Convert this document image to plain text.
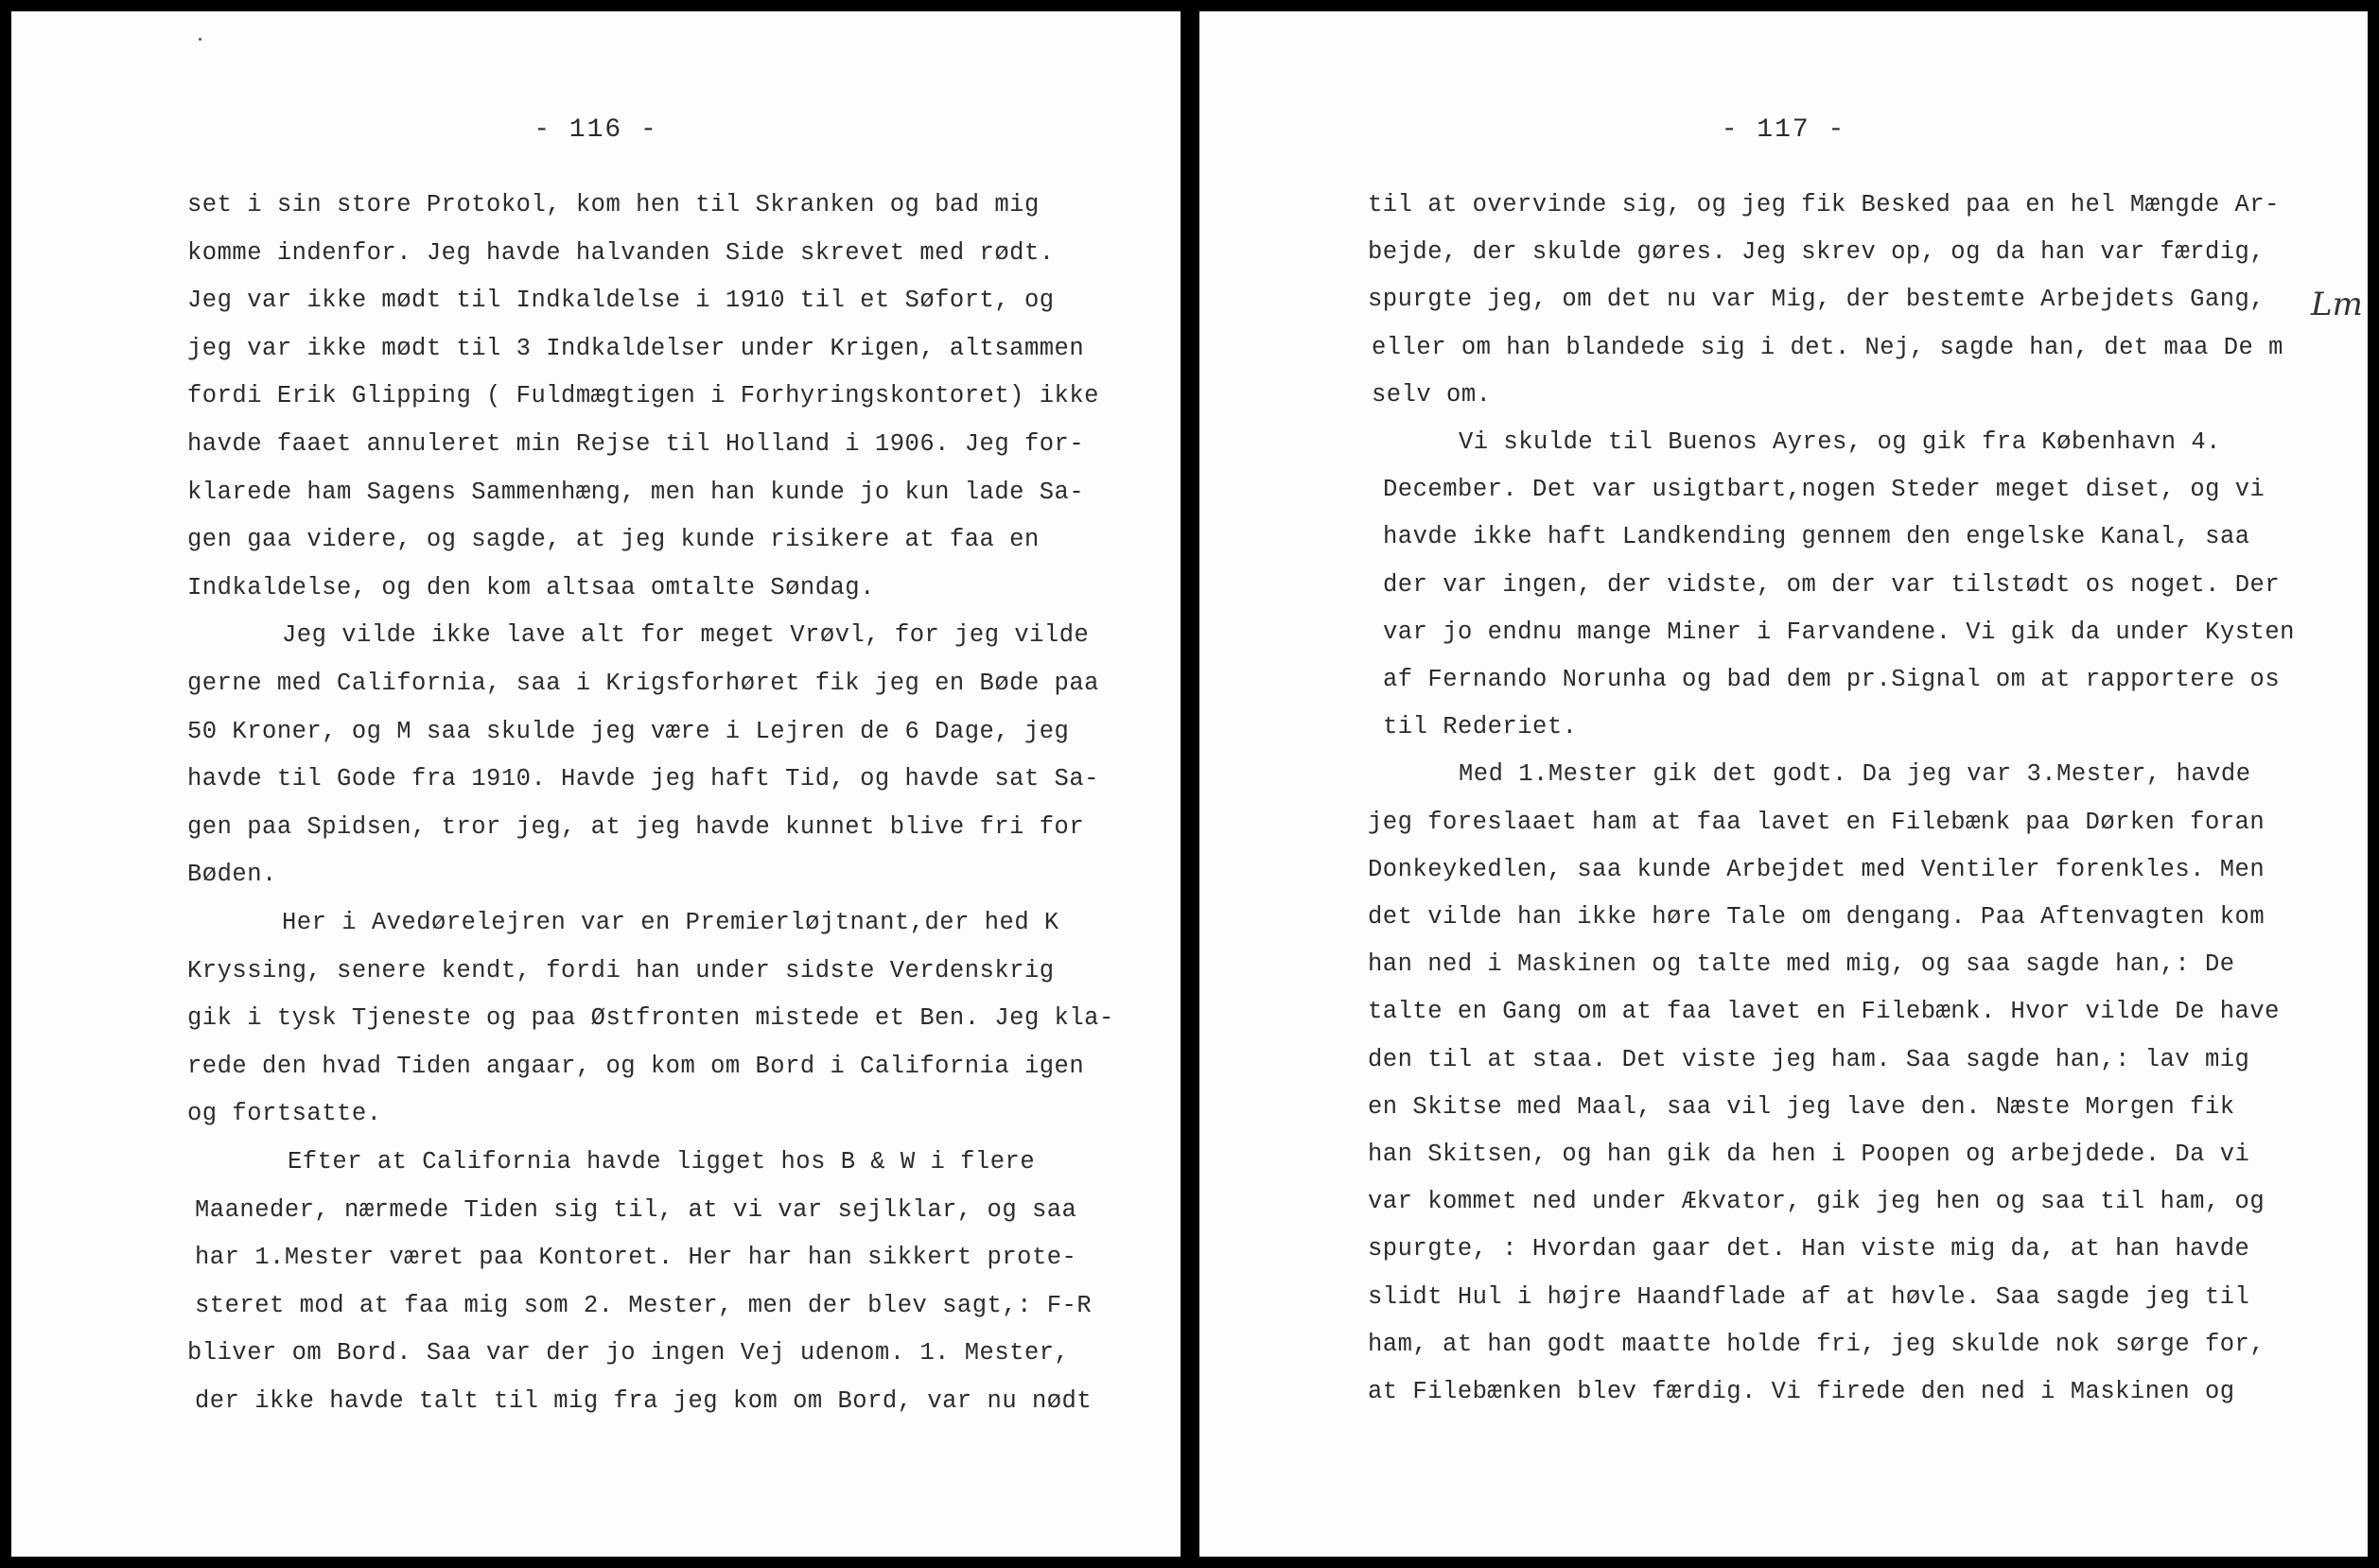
- 116 -
set i sin store Protokol, kom hen til Skranken og bad mig
komme indenfor. Jeg havde halvanden Side skrevet med rødt.
Jeg var ikke mødt til Indkaldelse i 1910 til et Søfort, og
jeg var ikke mødt til 3 Indkaldelser under Krigen, altsammen
fordi Erik Glipping ( Fuldmægtigen i Forhyringskontoret) ikke
havde faaet annuleret min Rejse til Holland i 1906. Jeg for-
klarede ham Sagens Sammenhæng, men han kunde jo kun lade Sa-
gen gaa videre, og sagde, at jeg kunde risikere at faa en
Indkaldelse, og den kom altsaa omtalte Søndag.
Jeg vilde ikke lave alt for meget Vrøvl, for jeg vilde
gerne med California, saa i Krigsforhøret fik jeg en Bøde paa
50 Kroner, og M saa skulde jeg være i Lejren de 6 Dage, jeg
havde til Gode fra 1910. Havde jeg haft Tid, og havde sat Sa-
gen paa Spidsen, tror jeg, at jeg havde kunnet blive fri for
Bøden.
Her i Avedørelejren var en Premierløjtnant,der hed K
Kryssing, senere kendt, fordi han under sidste Verdenskrig
gik i tysk Tjeneste og paa Østfronten mistede et Ben. Jeg kla-
rede den hvad Tiden angaar, og kom om Bord i California igen
og fortsatte.
Efter at California havde ligget hos B & W i flere
Maaneder, nærmede Tiden sig til, at vi var sejlklar, og saa
har 1.Mester været paa Kontoret. Her har han sikkert prote-
steret mod at faa mig som 2. Mester, men der blev sagt,: F-R
bliver om Bord. Saa var der jo ingen Vej udenom. 1. Mester,
der ikke havde talt til mig fra jeg kom om Bord, var nu nødt
- 117 -
til at overvinde sig, og jeg fik Besked paa en hel Mængde Ar-
bejde, der skulde gøres. Jeg skrev op, og da han var færdig,
spurgte jeg, om det nu var Mig, der bestemte Arbejdets Gang,
eller om han blandede sig i det. Nej, sagde han, det maa De m
selv om.
Vi skulde til Buenos Ayres, og gik fra København 4.
December. Det var usigtbart,nogen Steder meget diset, og vi
havde ikke haft Landkending gennem den engelske Kanal, saa
der var ingen, der vidste, om der var tilstødt os noget. Der
var jo endnu mange Miner i Farvandene. Vi gik da under Kysten
af Fernando Norunha og bad dem pr.Signal om at rapportere os
til Rederiet.
Med 1.Mester gik det godt. Da jeg var 3.Mester, havde
jeg foreslaaet ham at faa lavet en Filebænk paa Dørken foran
Donkeykedlen, saa kunde Arbejdet med Ventiler forenkles. Men
det vilde han ikke høre Tale om dengang. Paa Aftenvagten kom
han ned i Maskinen og talte med mig, og saa sagde han,: De
talte en Gang om at faa lavet en Filebænk. Hvor vilde De have
den til at staa. Det viste jeg ham. Saa sagde han,: lav mig
en Skitse med Maal, saa vil jeg lave den. Næste Morgen fik
han Skitsen, og han gik da hen i Poopen og arbejdede. Da vi
var kommet ned under Ækvator, gik jeg hen og saa til ham, og
spurgte, : Hvordan gaar det. Han viste mig da, at han havde
slidt Hul i højre Haandflade af at høvle. Saa sagde jeg til
ham, at han godt maatte holde fri, jeg skulde nok sørge for,
at Filebænken blev færdig. Vi firede den ned i Maskinen og
Lm
